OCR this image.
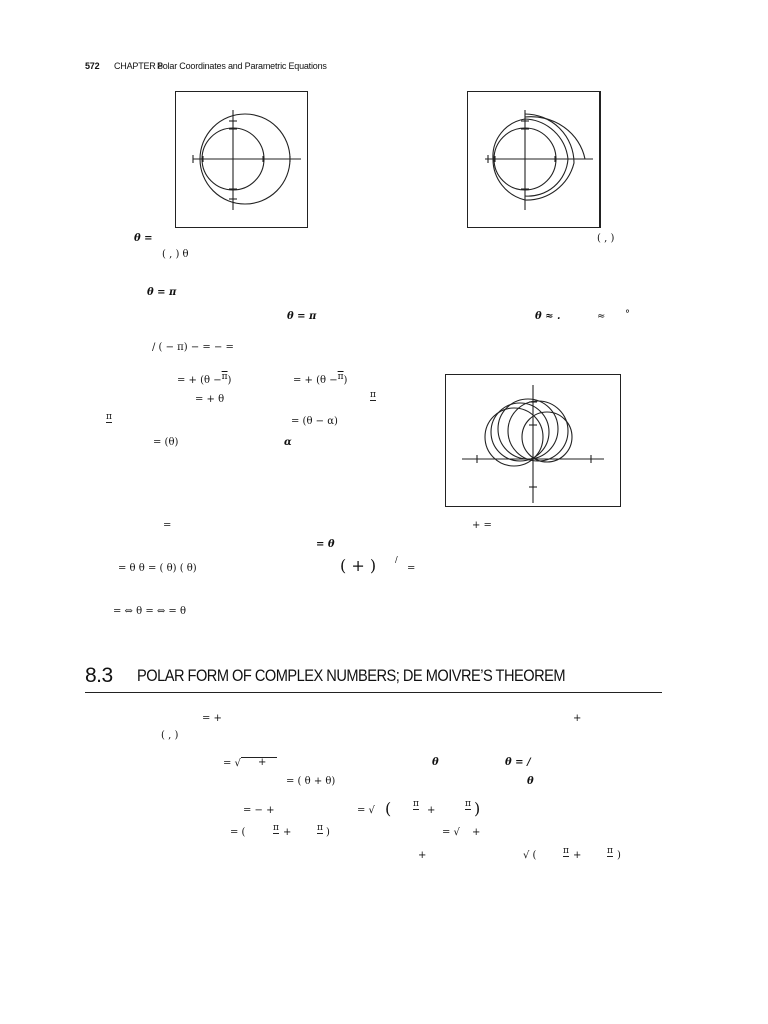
572 CHAPTER 8
Polar Coordinates and Parametric Equations
θ =	( , )
( , ) θ
θ = π
θ = π	θ ≈ .	≈ °
/ ( − π) − = − =
= + $(\theta -\overline{\pi})$	= + $(\theta -\overline{\pi})$
= + θ	π
π	= (θ − α)
= (θ)	α
=	+ =
= θ
= θ θ = ( θ) ( θ)	( + ) /
=
= ⇔ θ = ⇔ = θ
8.3 POLAR FORM OF COMPLEX NUMBERS; DE MOIVRE’S THEOREM
= +	+
( , )
= √	+	θ	θ = /
= ( θ + θ)	θ
= − +	= √ ( π
+
π )
= (	π +	π )	= √ +
+	√ (	π +	π )
